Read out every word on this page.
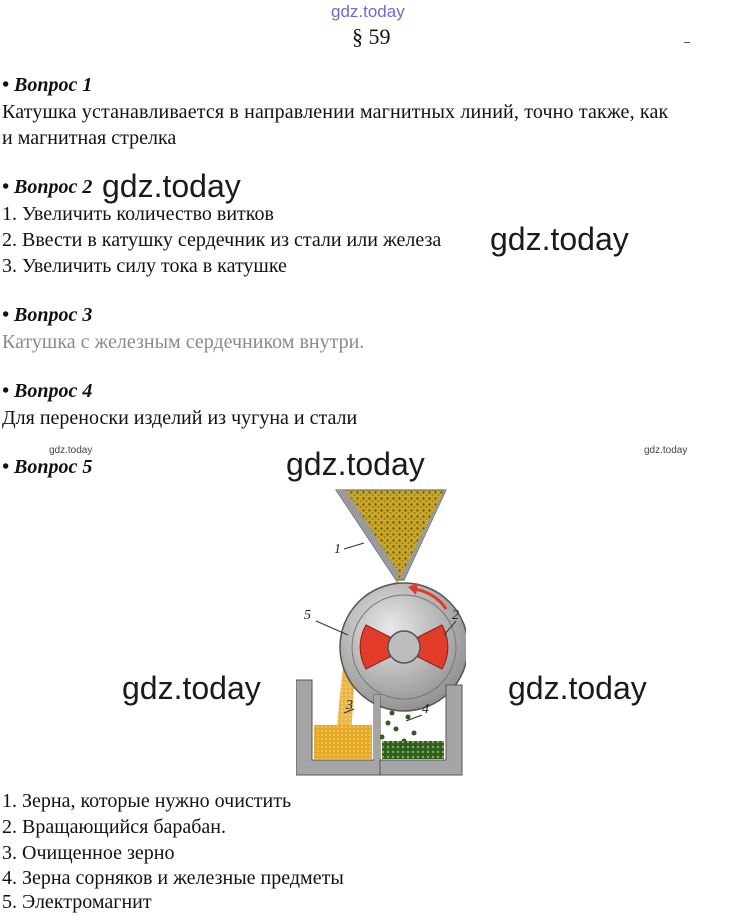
gdz.today
§ 59
• Вопрос 1
Катушка устанавливается в направлении магнитных линий, точно также, как
и магнитная стрелка
• Вопрос 2
1. Увеличить количество витков
2. Ввести в катушку сердечник из стали или железа
3. Увеличить силу тока в катушке
• Вопрос 3
Катушка с железным сердечником внутри.
• Вопрос 4
Для переноски изделий из чугуна и стали
• Вопрос 5
1
2
3	4
5
1. Зерна, которые нужно очистить
2. Вращающийся барабан.
3. Очищенное зерно
4. Зерна сорняков и железные предметы
5. Электромагнит
gdz.today
gdz.today
gdz.today
gdz.today	gdz.today
gdz.today	gdz.today
